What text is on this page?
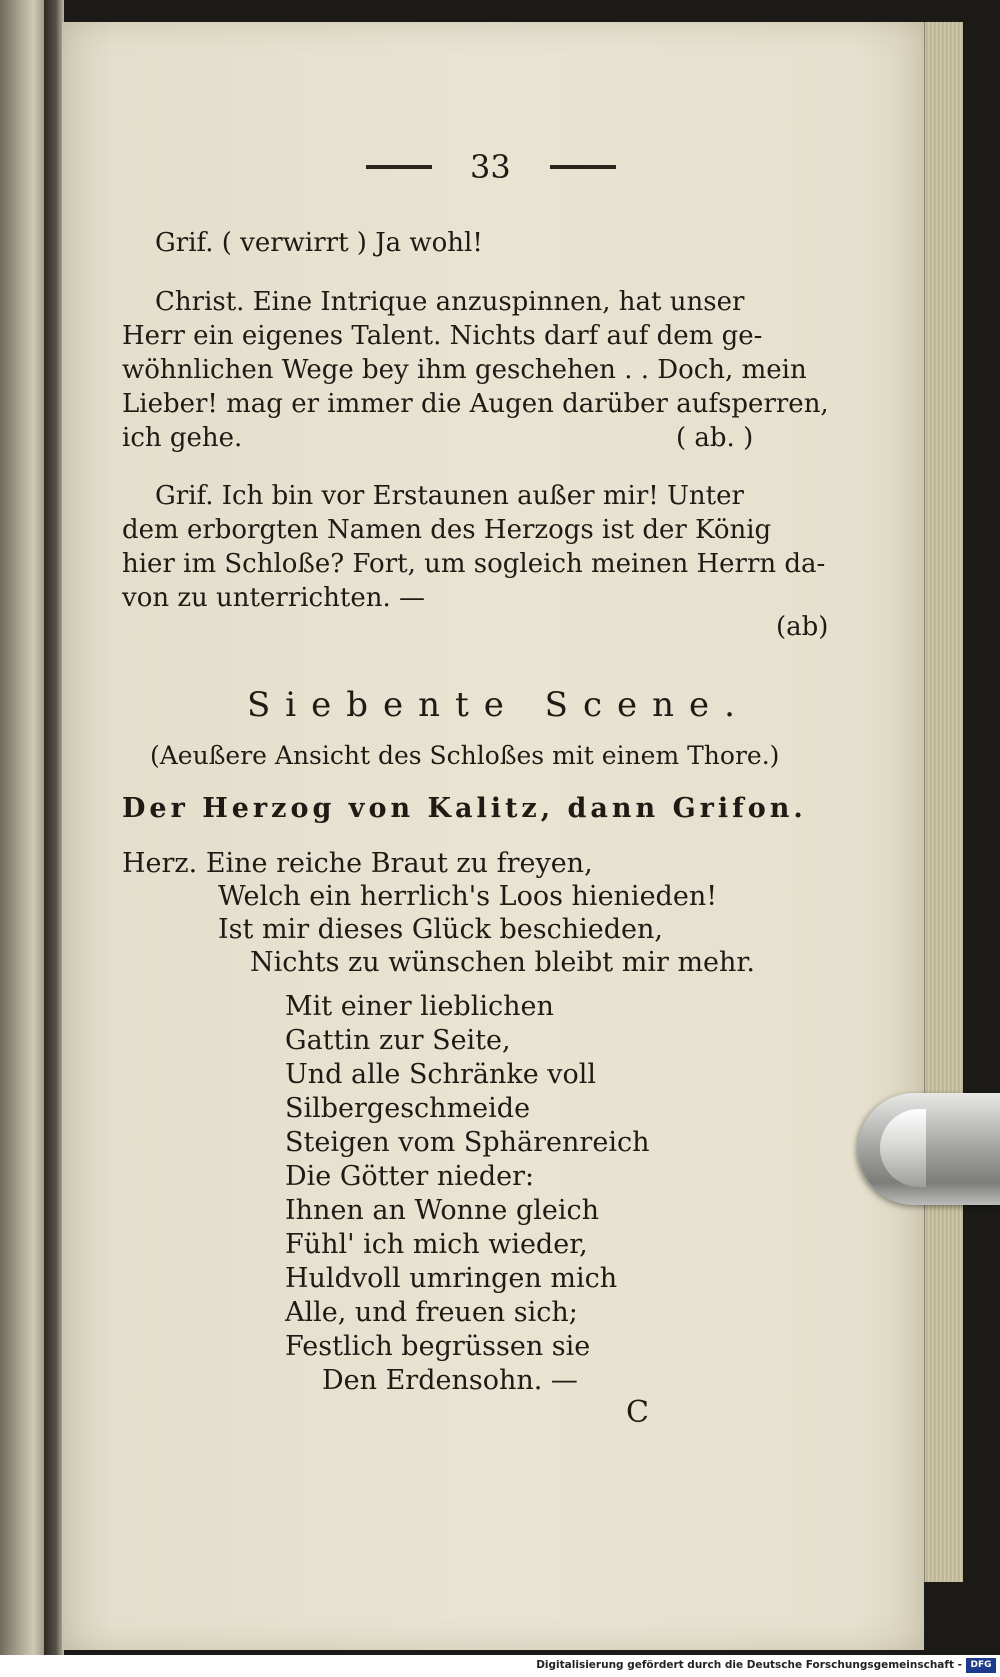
33
Grif. ( verwirrt ) Ja wohl!
Christ. Eine Intrique anzuspinnen, hat unser
Herr ein eigenes Talent. Nichts darf auf dem ge-
wöhnlichen Wege bey ihm geschehen . . Doch, mein
Lieber! mag er immer die Augen darüber aufsperren,
ich gehe.	( ab. )
Grif. Ich bin vor Erstaunen außer mir! Unter
dem erborgten Namen des Herzogs ist der König
hier im Schloße? Fort, um sogleich meinen Herrn da-
von zu unterrichten. —
(ab)
Siebente Scene.
(Aeußere Ansicht des Schloßes mit einem Thore.)
Der Herzog von Kalitz, dann Grifon.
Herz. Eine reiche Braut zu freyen,
Welch ein herrlich's Loos hienieden!
Ist mir dieses Glück beschieden,
Nichts zu wünschen bleibt mir mehr.
Mit einer lieblichen
Gattin zur Seite,
Und alle Schränke voll
Silbergeschmeide
Steigen vom Sphärenreich
Die Götter nieder:
Ihnen an Wonne gleich
Fühl' ich mich wieder,
Huldvoll umringen mich
Alle, und freuen sich;
Festlich begrüssen sie
Den Erdensohn. —
C
Digitalisierung gefördert durch die Deutsche Forschungsgemeinschaft - DFG
